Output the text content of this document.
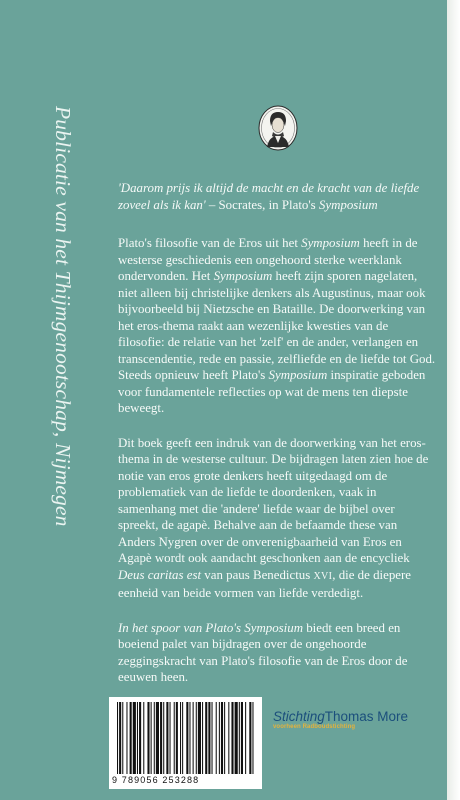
Publicatie van het Thijmgenootschap, Nijmegen	'Daarom prijs ik altijd de macht en de kracht van de liefde zoveel als ik kan' – Socrates, in Plato's Symposium

Plato's filosofie van de Eros uit het Symposium heeft in de westerse geschiedenis een ongehoord sterke weerklank ondervonden. Het Symposium heeft zijn sporen nagelaten, niet alleen bij christelijke denkers als Augustinus, maar ook bijvoorbeeld bij Nietzsche en Bataille. De doorwerking van het eros-thema raakt aan wezenlijke kwesties van de filosofie: de relatie van het 'zelf' en de ander, verlangen en transcendentie, rede en passie, zelfliefde en de liefde tot God. Steeds opnieuw heeft Plato's Symposium inspiratie geboden voor fundamentele reflecties op wat de mens ten diepste beweegt.

Dit boek geeft een indruk van de doorwerking van het eros-thema in de westerse cultuur. De bijdragen laten zien hoe de notie van eros grote denkers heeft uitgedaagd om de problematiek van de liefde te doordenken, vaak in samenhang met die 'andere' liefde waar de bijbel over spreekt, de agapè. Behalve aan de befaamde these van Anders Nygren over de onverenigbaarheid van Eros en Agapè wordt ook aandacht geschonken aan de encycliek Deus caritas est van paus Benedictus XVI, die de diepere eenheid van beide vormen van liefde verdedigt.

In het spoor van Plato's Symposium biedt een breed en boeiend palet van bijdragen over de ongehoorde zeggingskracht van Plato's filosofie van de Eros door de eeuwen heen.

9 789056 253288
StichtingThomas More
voorheen Radboudstichting
